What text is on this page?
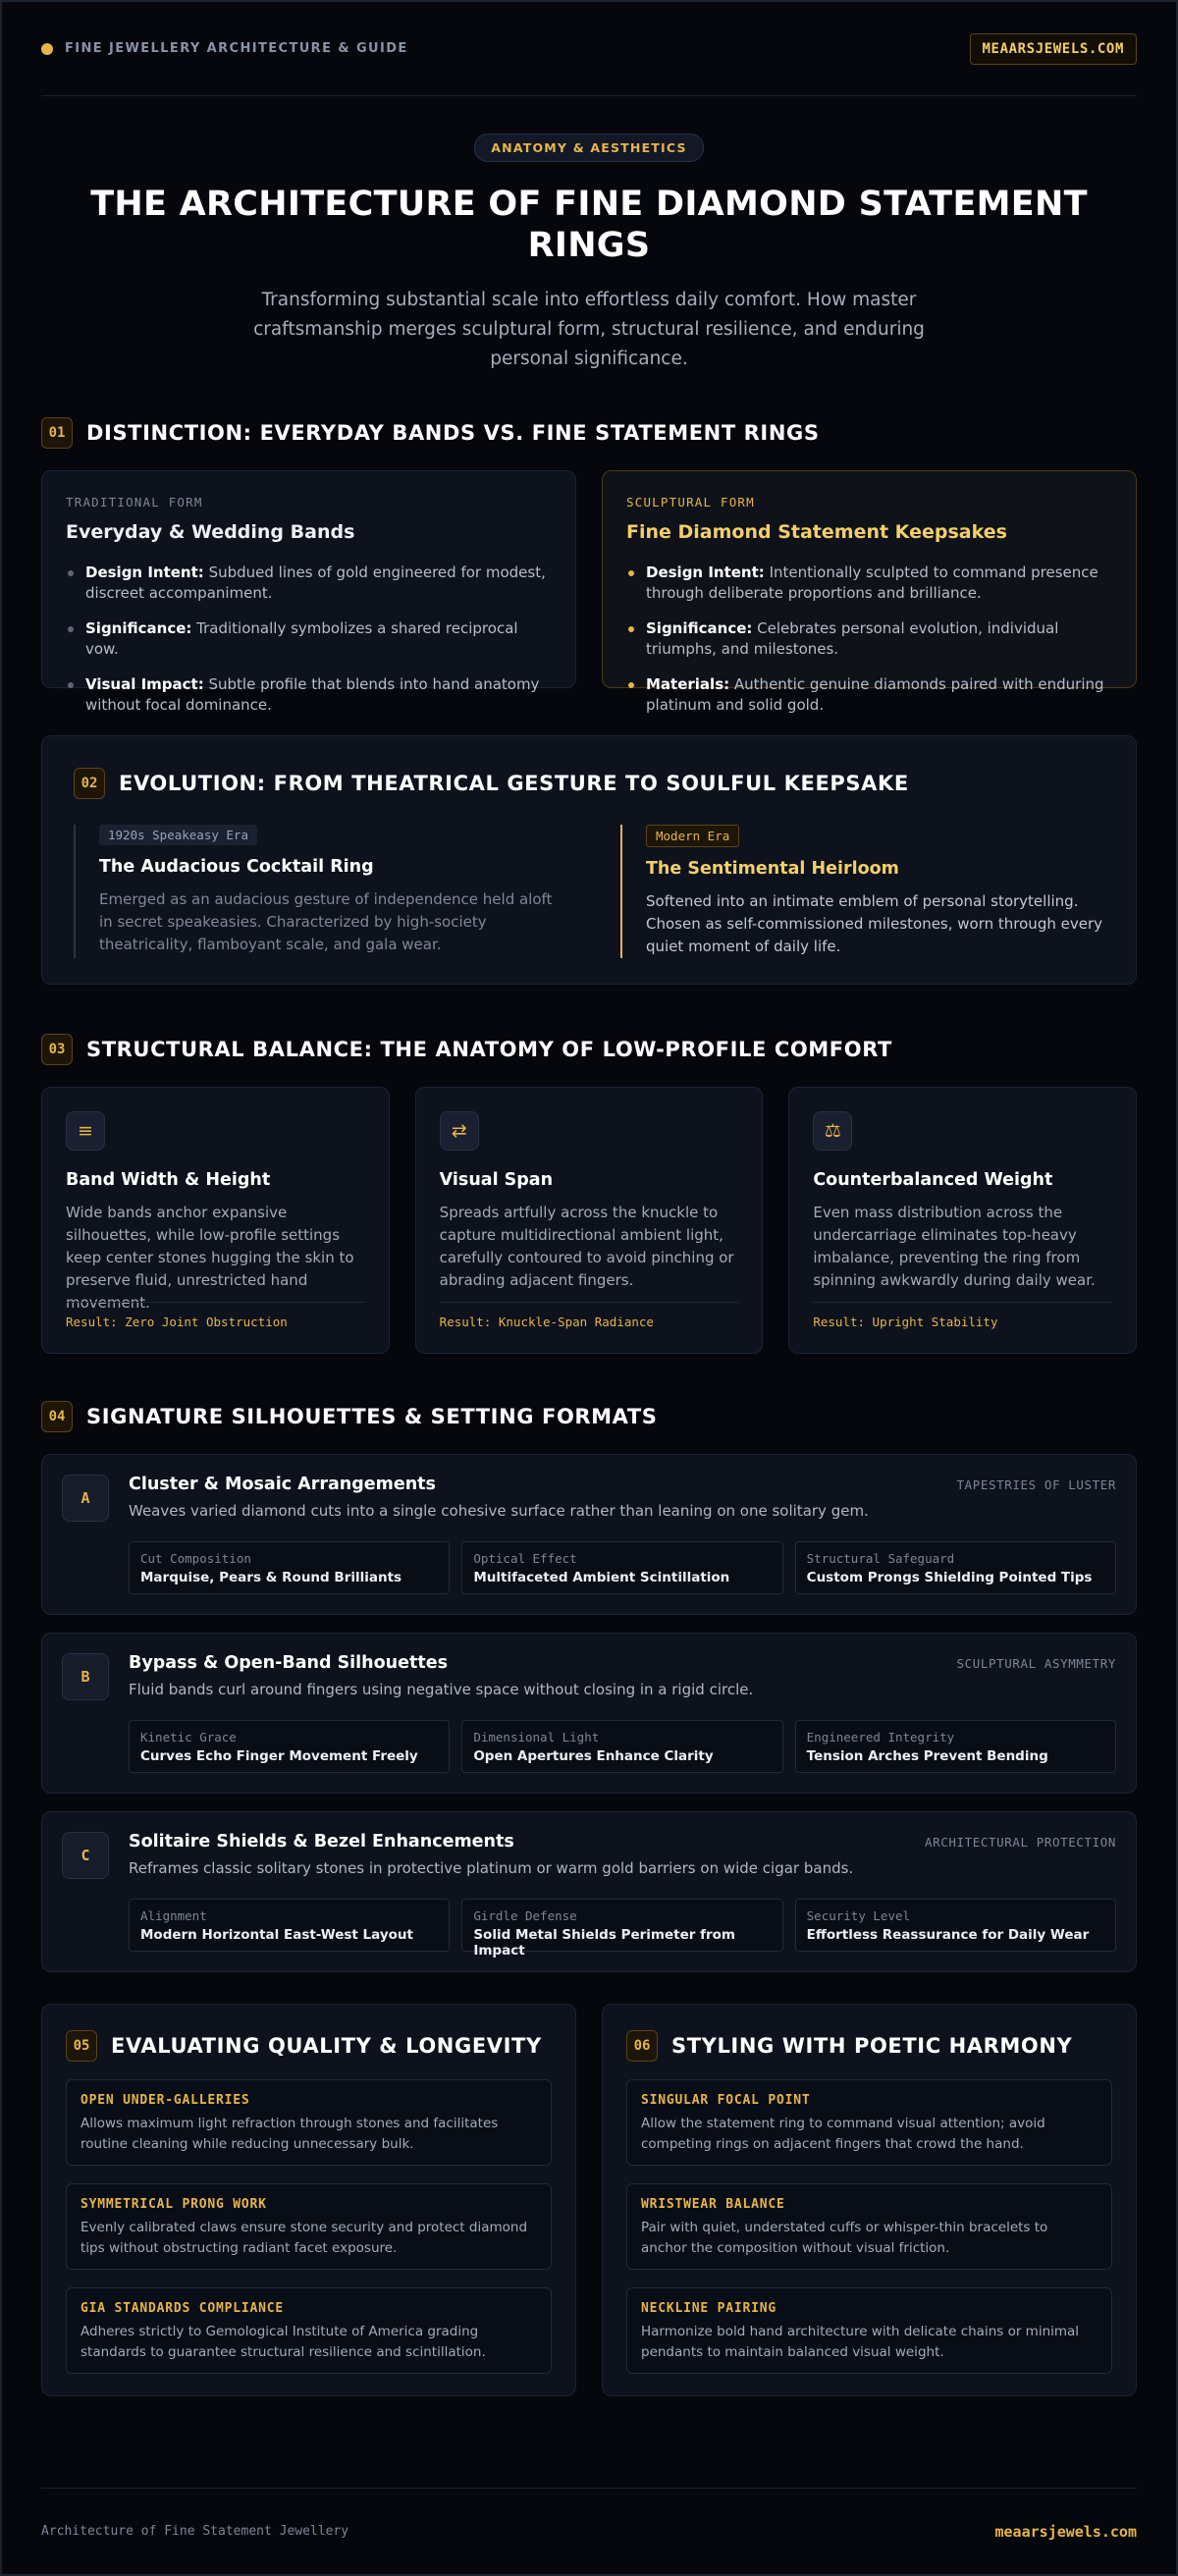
FINE JEWELLERY ARCHITECTURE & GUIDE	MEAARSJEWELS.COM
ANATOMY & AESTHETICS
THE ARCHITECTURE OF FINE DIAMOND STATEMENT RINGS

Transforming substantial scale into effortless daily comfort. How master craftsmanship merges sculptural form, structural resilience, and enduring personal significance.

01	DISTINCTION: EVERYDAY BANDS VS. FINE STATEMENT RINGS
TRADITIONAL FORM
Everyday & Wedding Bands
Design Intent: Subdued lines of gold engineered for modest, discreet accompaniment.
Significance: Traditionally symbolizes a shared reciprocal vow.
Visual Impact: Subtle profile that blends into hand anatomy without focal dominance.
SCULPTURAL FORM
Fine Diamond Statement Keepsakes
Design Intent: Intentionally sculpted to command presence through deliberate proportions and brilliance.
Significance: Celebrates personal evolution, individual triumphs, and milestones.
Materials: Authentic genuine diamonds paired with enduring platinum and solid gold.
02	EVOLUTION: FROM THEATRICAL GESTURE TO SOULFUL KEEPSAKE
1920s Speakeasy Era
The Audacious Cocktail Ring

Emerged as an audacious gesture of independence held aloft in secret speakeasies. Characterized by high-society theatricality, flamboyant scale, and gala wear.

Modern Era
The Sentimental Heirloom

Softened into an intimate emblem of personal storytelling. Chosen as self-commissioned milestones, worn through every quiet moment of daily life.

03	STRUCTURAL BALANCE: THE ANATOMY OF LOW-PROFILE COMFORT
≡
Band Width & Height

Wide bands anchor expansive silhouettes, while low-profile settings keep center stones hugging the skin to preserve fluid, unrestricted hand movement.

Result: Zero Joint Obstruction
⇄
Visual Span

Spreads artfully across the knuckle to capture multidirectional ambient light, carefully contoured to avoid pinching or abrading adjacent fingers.

Result: Knuckle-Span Radiance
⚖
Counterbalanced Weight

Even mass distribution across the undercarriage eliminates top-heavy imbalance, preventing the ring from spinning awkwardly during daily wear.

Result: Upright Stability
04	SIGNATURE SILHOUETTES & SETTING FORMATS
A
Cluster & Mosaic Arrangements	TAPESTRIES OF LUSTER

Weaves varied diamond cuts into a single cohesive surface rather than leaning on one solitary gem.

Cut Composition
Marquise, Pears & Round Brilliants
Optical Effect
Multifaceted Ambient Scintillation
Structural Safeguard
Custom Prongs Shielding Pointed Tips
B
Bypass & Open-Band Silhouettes	SCULPTURAL ASYMMETRY

Fluid bands curl around fingers using negative space without closing in a rigid circle.

Kinetic Grace
Curves Echo Finger Movement Freely
Dimensional Light
Open Apertures Enhance Clarity
Engineered Integrity
Tension Arches Prevent Bending
C
Solitaire Shields & Bezel Enhancements	ARCHITECTURAL PROTECTION

Reframes classic solitary stones in protective platinum or warm gold barriers on wide cigar bands.

Alignment
Modern Horizontal East-West Layout
Girdle Defense
Solid Metal Shields Perimeter from Impact
Security Level
Effortless Reassurance for Daily Wear
05	EVALUATING QUALITY & LONGEVITY
OPEN UNDER-GALLERIES

Allows maximum light refraction through stones and facilitates routine cleaning while reducing unnecessary bulk.

SYMMETRICAL PRONG WORK

Evenly calibrated claws ensure stone security and protect diamond tips without obstructing radiant facet exposure.

GIA STANDARDS COMPLIANCE

Adheres strictly to Gemological Institute of America grading standards to guarantee structural resilience and scintillation.

06	STYLING WITH POETIC HARMONY
SINGULAR FOCAL POINT

Allow the statement ring to command visual attention; avoid competing rings on adjacent fingers that crowd the hand.

WRISTWEAR BALANCE

Pair with quiet, understated cuffs or whisper-thin bracelets to anchor the composition without visual friction.

NECKLINE PAIRING

Harmonize bold hand architecture with delicate chains or minimal pendants to maintain balanced visual weight.

Architecture of Fine Statement Jewellery	meaarsjewels.com
